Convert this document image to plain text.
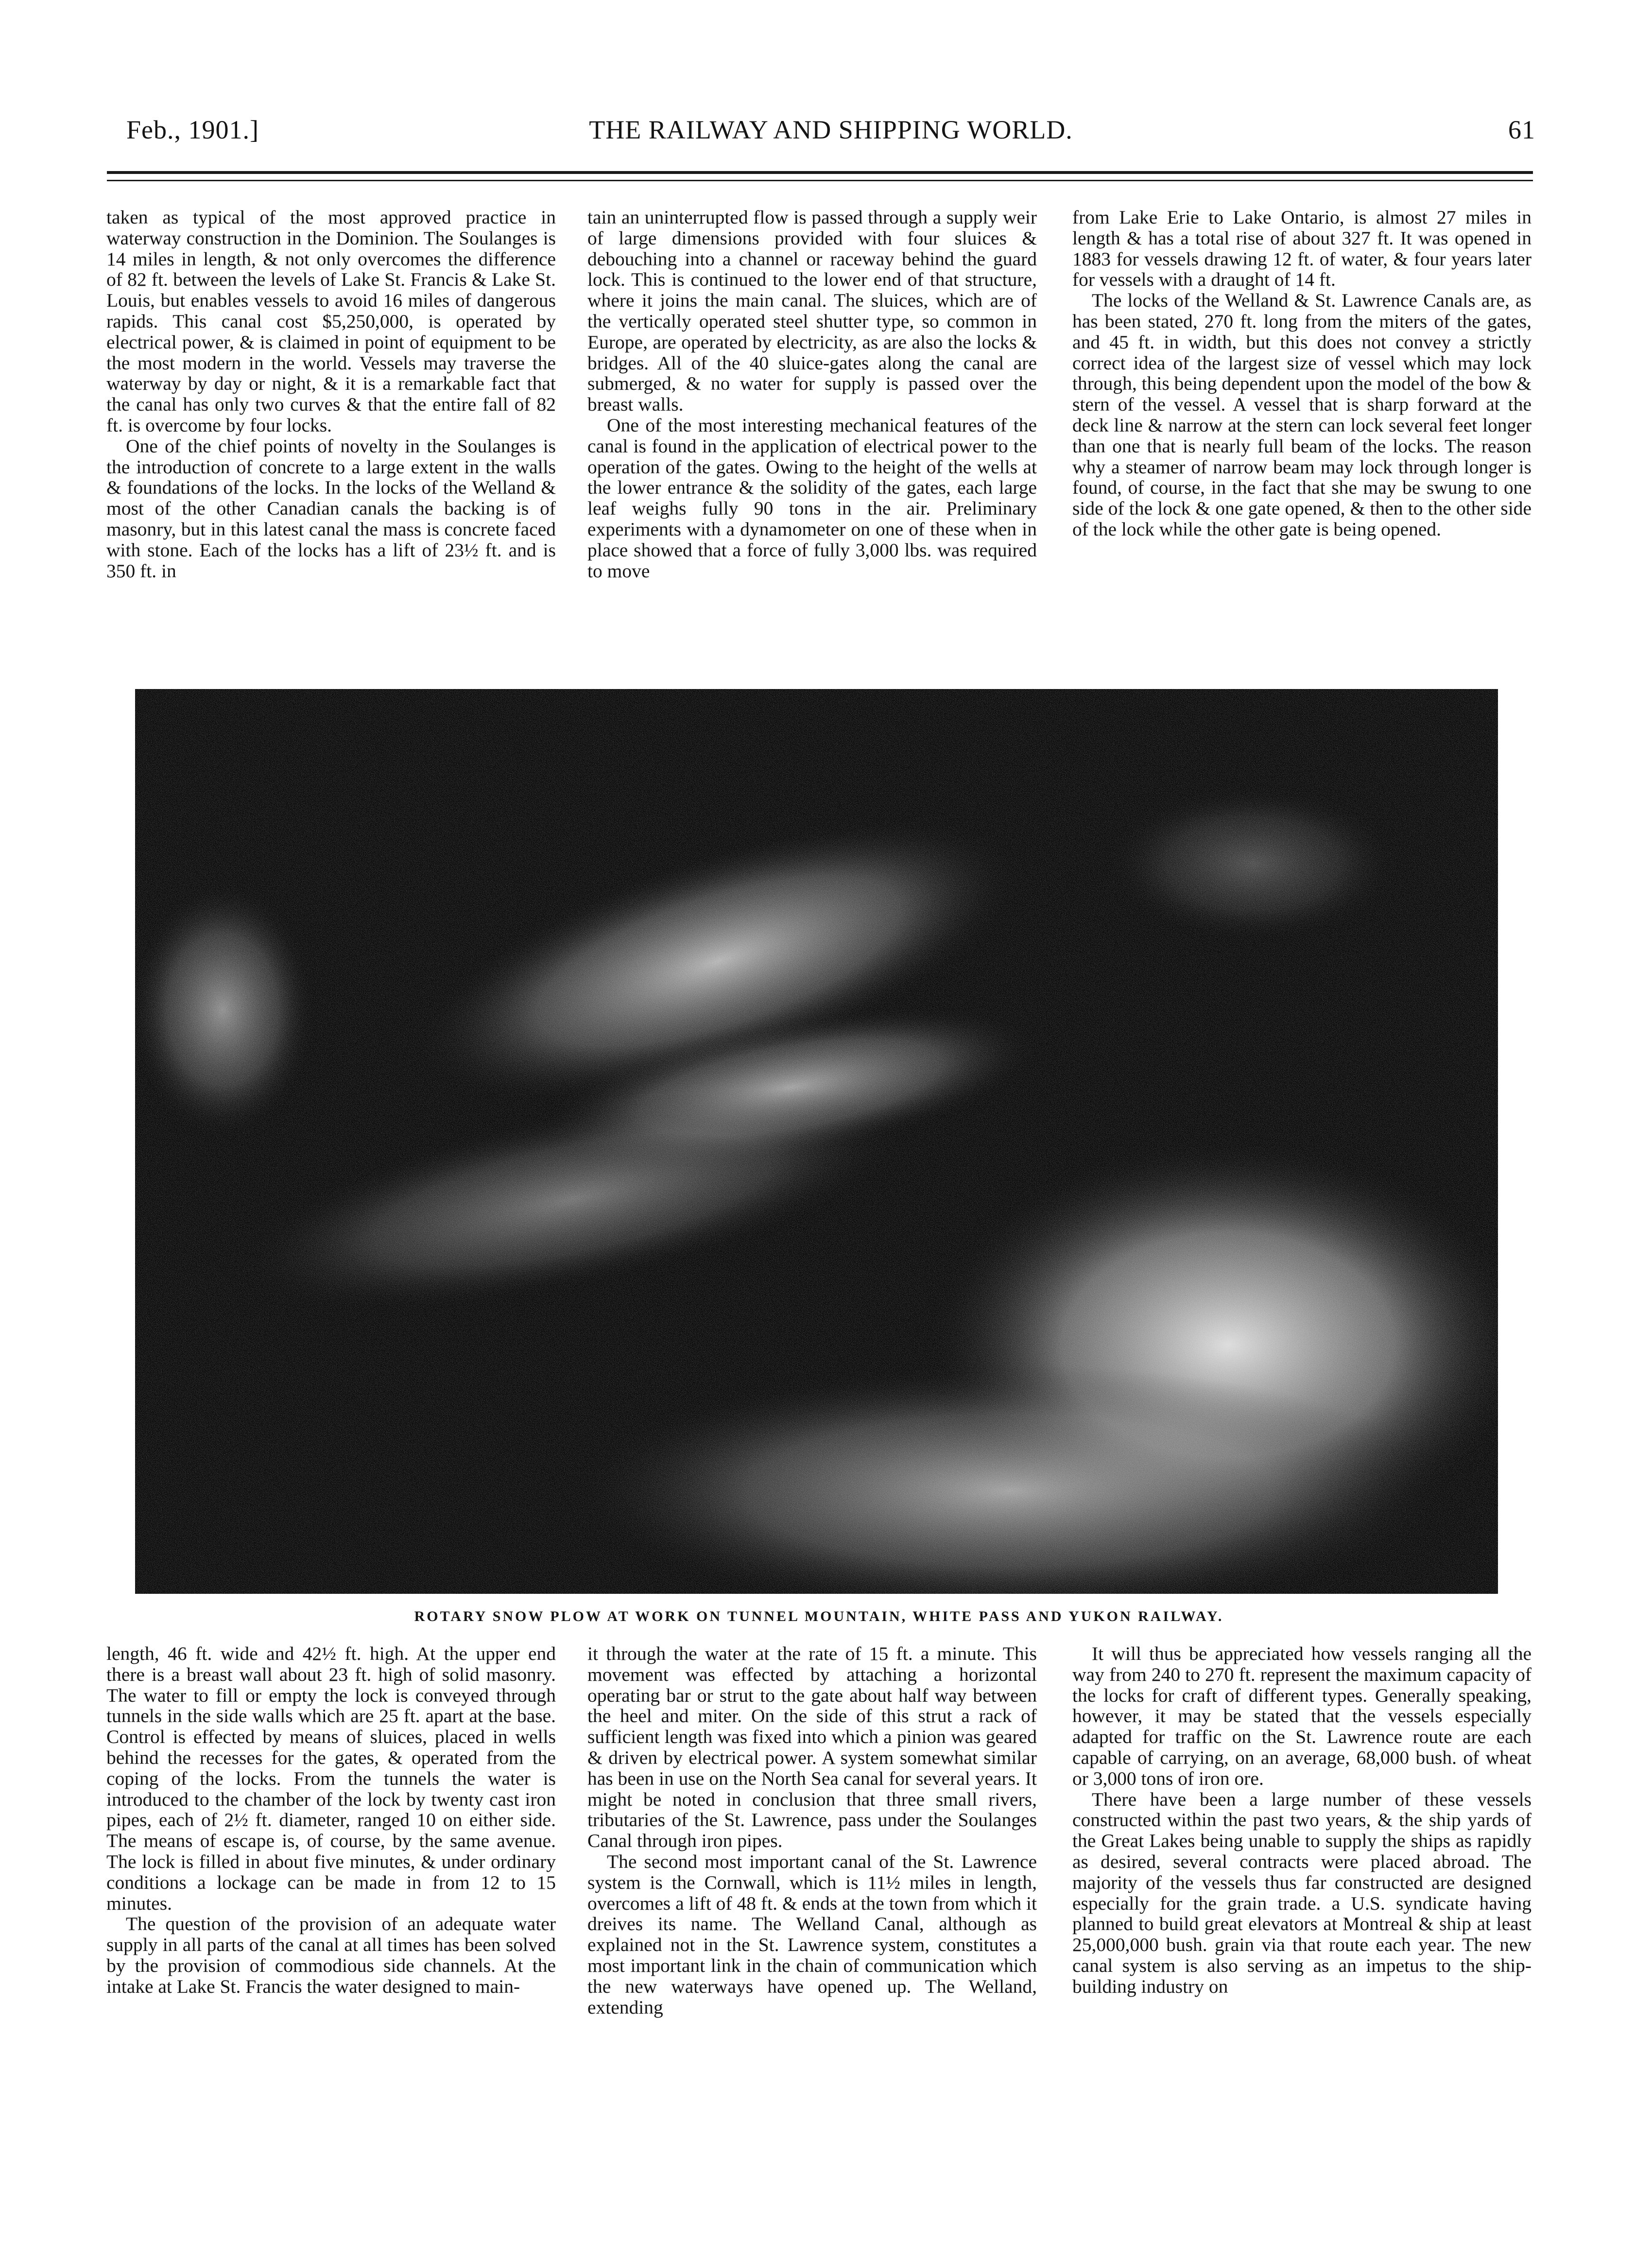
Feb., 1901.]	THE RAILWAY AND SHIPPING WORLD.	61

taken as typical of the most approved practice in waterway construction in the Dominion. The Soulanges is 14 miles in length, & not only overcomes the difference of 82 ft. between the levels of Lake St. Francis & Lake St. Louis, but enables vessels to avoid 16 miles of dangerous rapids. This canal cost $5,250,000, is operated by electrical power, & is claimed in point of equipment to be the most modern in the world. Vessels may traverse the waterway by day or night, & it is a remarkable fact that the canal has only two curves & that the entire fall of 82 ft. is overcome by four locks.

One of the chief points of novelty in the Soulanges is the introduction of concrete to a large extent in the walls & foundations of the locks. In the locks of the Welland & most of the other Canadian canals the backing is of masonry, but in this latest canal the mass is concrete faced with stone. Each of the locks has a lift of 23½ ft. and is 350 ft. in

tain an uninterrupted flow is passed through a supply weir of large dimensions provided with four sluices & debouching into a channel or raceway behind the guard lock. This is continued to the lower end of that structure, where it joins the main canal. The sluices, which are of the vertically operated steel shutter type, so common in Europe, are operated by electricity, as are also the locks & bridges. All of the 40 sluice-gates along the canal are submerged, & no water for supply is passed over the breast walls.

One of the most interesting mechanical features of the canal is found in the application of electrical power to the operation of the gates. Owing to the height of the wells at the lower entrance & the solidity of the gates, each large leaf weighs fully 90 tons in the air. Preliminary experiments with a dynamometer on one of these when in place showed that a force of fully 3,000 lbs. was required to move

from Lake Erie to Lake Ontario, is almost 27 miles in length & has a total rise of about 327 ft. It was opened in 1883 for vessels drawing 12 ft. of water, & four years later for vessels with a draught of 14 ft.

The locks of the Welland & St. Lawrence Canals are, as has been stated, 270 ft. long from the miters of the gates, and 45 ft. in width, but this does not convey a strictly correct idea of the largest size of vessel which may lock through, this being dependent upon the model of the bow & stern of the vessel. A vessel that is sharp forward at the deck line & narrow at the stern can lock several feet longer than one that is nearly full beam of the locks. The reason why a steamer of narrow beam may lock through longer is found, of course, in the fact that she may be swung to one side of the lock & one gate opened, & then to the other side of the lock while the other gate is being opened.

ROTARY SNOW PLOW AT WORK ON TUNNEL MOUNTAIN, WHITE PASS AND YUKON RAILWAY.

length, 46 ft. wide and 42½ ft. high. At the upper end there is a breast wall about 23 ft. high of solid masonry. The water to fill or empty the lock is conveyed through tunnels in the side walls which are 25 ft. apart at the base. Control is effected by means of sluices, placed in wells behind the recesses for the gates, & operated from the coping of the locks. From the tunnels the water is introduced to the chamber of the lock by twenty cast iron pipes, each of 2½ ft. diameter, ranged 10 on either side. The means of escape is, of course, by the same avenue. The lock is filled in about five minutes, & under ordinary conditions a lockage can be made in from 12 to 15 minutes.

The question of the provision of an adequate water supply in all parts of the canal at all times has been solved by the provision of commodious side channels. At the intake at Lake St. Francis the water designed to main-

it through the water at the rate of 15 ft. a minute. This movement was effected by attaching a horizontal operating bar or strut to the gate about half way between the heel and miter. On the side of this strut a rack of sufficient length was fixed into which a pinion was geared & driven by electrical power. A system somewhat similar has been in use on the North Sea canal for several years. It might be noted in conclusion that three small rivers, tributaries of the St. Lawrence, pass under the Soulanges Canal through iron pipes.

The second most important canal of the St. Lawrence system is the Cornwall, which is 11½ miles in length, overcomes a lift of 48 ft. & ends at the town from which it dreives its name. The Welland Canal, although as explained not in the St. Lawrence system, constitutes a most important link in the chain of communication which the new waterways have opened up. The Welland, extending

It will thus be appreciated how vessels ranging all the way from 240 to 270 ft. represent the maximum capacity of the locks for craft of different types. Generally speaking, however, it may be stated that the vessels especially adapted for traffic on the St. Lawrence route are each capable of carrying, on an average, 68,000 bush. of wheat or 3,000 tons of iron ore.

There have been a large number of these vessels constructed within the past two years, & the ship yards of the Great Lakes being unable to supply the ships as rapidly as desired, several contracts were placed abroad. The majority of the vessels thus far constructed are designed especially for the grain trade. a U.S. syndicate having planned to build great elevators at Montreal & ship at least 25,000,000 bush. grain via that route each year. The new canal system is also serving as an impetus to the ship-building industry on
